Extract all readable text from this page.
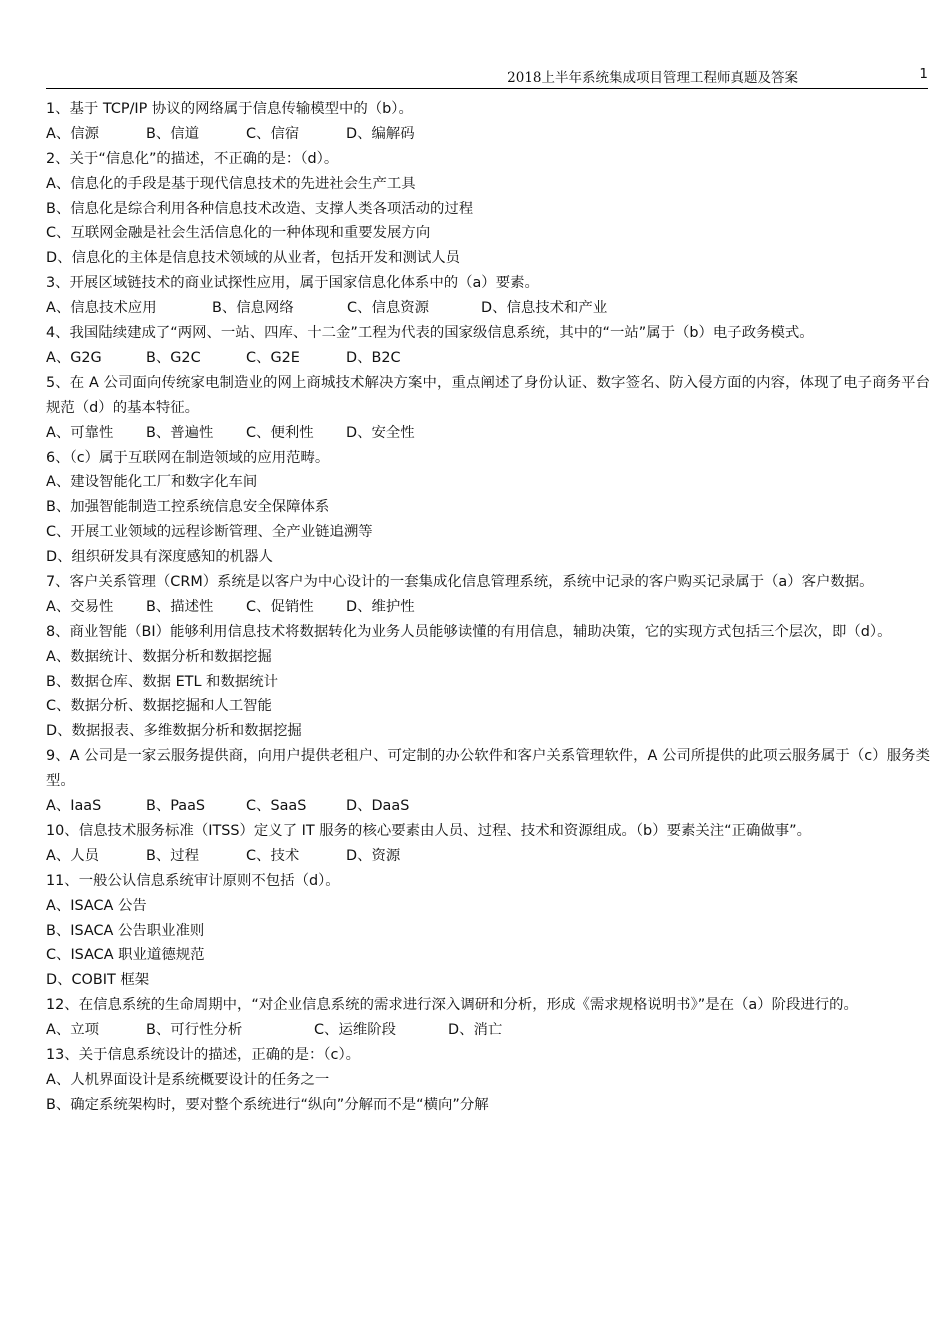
2018上半年系统集成项目管理工程师真题及答案	1
1、基于 TCP/IP 协议的网络属于信息传输模型中的（b）。
A、信源	B、信道	C、信宿	D、编解码
2、关于“信息化”的描述，不正确的是：（d）。
A、信息化的手段是基于现代信息技术的先进社会生产工具
B、信息化是综合利用各种信息技术改造、支撑人类各项活动的过程
C、互联网金融是社会生活信息化的一种体现和重要发展方向
D、信息化的主体是信息技术领域的从业者，包括开发和测试人员
3、开展区域链技术的商业试探性应用，属于国家信息化体系中的（a）要素。
A、信息技术应用	B、信息网络	C、信息资源	D、信息技术和产业
4、我国陆续建成了“两网、一站、四库、十二金”工程为代表的国家级信息系统，其中的“一站”属于（b）电子政务模式。
A、G2G	B、G2C	C、G2E	D、B2C
5、在 A 公司面向传统家电制造业的网上商城技术解决方案中，重点阐述了身份认证、数字签名、防入侵方面的内容，体现了电子商务平台规范（d）的基本特征。
A、可靠性 B、普遍性 C、便利性 D、安全性
6、（c）属于互联网在制造领域的应用范畴。
A、建设智能化工厂和数字化车间
B、加强智能制造工控系统信息安全保障体系
C、开展工业领域的远程诊断管理、全产业链追溯等
D、组织研发具有深度感知的机器人
7、客户关系管理（CRM）系统是以客户为中心设计的一套集成化信息管理系统，系统中记录的客户购买记录属于（a）客户数据。
A、交易性 B、描述性 C、促销性 D、维护性
8、商业智能（BI）能够利用信息技术将数据转化为业务人员能够读懂的有用信息，辅助决策，它的实现方式包括三个层次，即（d）。
A、数据统计、数据分析和数据挖掘
B、数据仓库、数据 ETL 和数据统计
C、数据分析、数据挖掘和人工智能
D、数据报表、多维数据分析和数据挖掘
9、A 公司是一家云服务提供商，向用户提供老租户、可定制的办公软件和客户关系管理软件，A 公司所提供的此项云服务属于（c）服务类型。
A、IaaS	B、PaaS	C、SaaS	D、DaaS
10、信息技术服务标准（ITSS）定义了 IT 服务的核心要素由人员、过程、技术和资源组成。（b）要素关注“正确做事”。
A、人员	B、过程	C、技术	D、资源
11、一般公认信息系统审计原则不包括（d）。
A、ISACA 公告
B、ISACA 公告职业准则
C、ISACA 职业道德规范
D、COBIT 框架
12、在信息系统的生命周期中，“对企业信息系统的需求进行深入调研和分析，形成《需求规格说明书》”是在（a）阶段进行的。
A、立项	B、可行性分析	C、运维阶段	D、消亡
13、关于信息系统设计的描述，正确的是：（c）。
A、人机界面设计是系统概要设计的任务之一
B、确定系统架构时，要对整个系统进行“纵向”分解而不是“横向”分解
